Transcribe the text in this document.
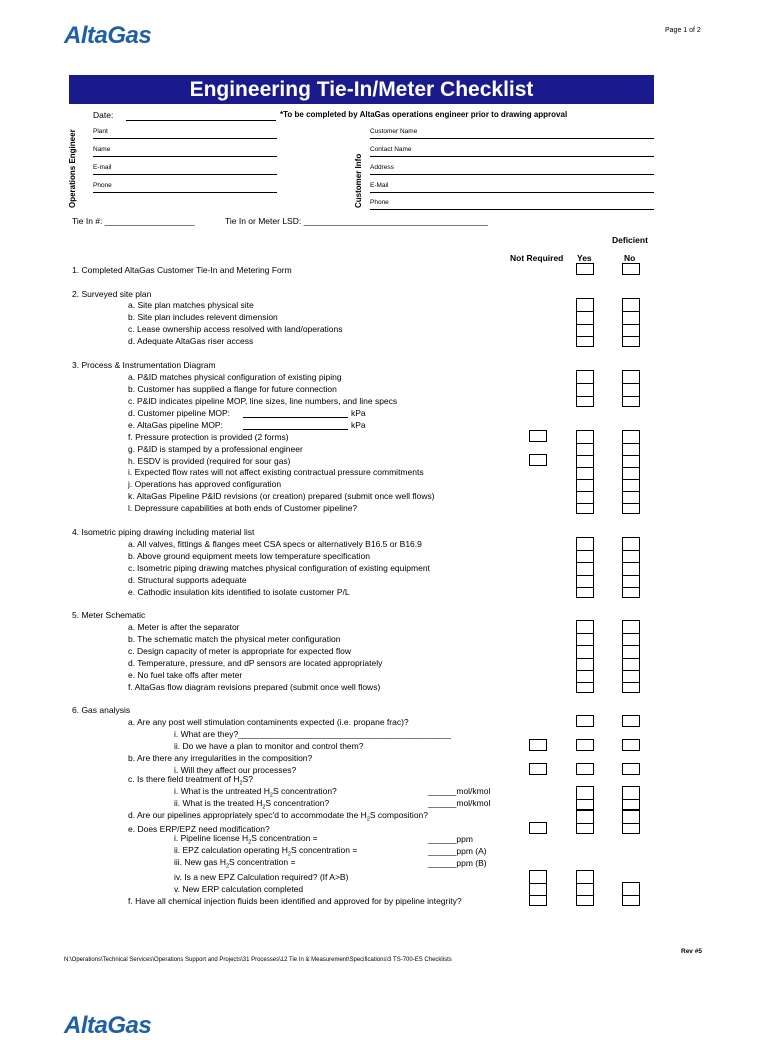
AltaGas	Page 1 of 2
Engineering Tie-In/Meter Checklist
Operations Engineer
Date:	*To be completed by AltaGas operations engineer prior to drawing approval
Plant
Name
E-mail
Phone	Customer Info
Customer Name
Contact Name
Address
E-Mail
Phone
Tie In #: ___________________	Tie In or Meter LSD: _______________________________________
Deficient
Not Required Yes	No
1. Completed AltaGas Customer Tie-In and Metering Form
2. Surveyed site plan
a. Site plan matches physical site
b. Site plan includes relevent dimension
c. Lease ownership access resolved with land/operations
d. Adequate AltaGas riser access
3. Process & Instrumentation Diagram
a. P&ID matches physical configuration of existing piping
b. Customer has supplied a flange for future connection
c. P&ID indicates pipeline MOP, line sizes, line numbers, and line specs
d. Customer pipeline MOP:	kPa
e. AltaGas pipeline MOP:	kPa
f. Pressure protection is provided (2 forms)
g. P&ID is stamped by a professional engineer
h. ESDV is provided (required for sour gas)
i. Expected flow rates will not affect existing contractual pressure commitments
j. Operations has approved configuration
k. AltaGas Pipeline P&ID revisions (or creation) prepared (submit once well flows)
l. Depressure capabilities at both ends of Customer pipeline?
4. Isometric piping drawing including material list
a. All valves, fittings & flanges meet CSA specs or alternatively B16.5 or B16.9
b. Above ground equipment meets low temperature specification
c. Isometric piping drawing matches physical configuration of existing equipment
d. Structural supports adequate
e. Cathodic insulation kits identified to isolate customer P/L
5. Meter Schematic
a. Meter is after the separator
b. The schematic match the physical meter configuration
c. Design capacity of meter is appropriate for expected flow
d. Temperature, pressure, and dP sensors are located appropriately
e. No fuel take offs after meter
f. AltaGas flow diagram revisions prepared (submit once well flows)
6. Gas analysis
a. Are any post well stimulation contaminents expected (i.e. propane frac)?
i. What are they?_____________________________________________
ii. Do we have a plan to monitor and control them?
b. Are there any irregularities in the composition?
i. Will they affect our processes?
c. Is there field treatment of $H_2S$?
i. What is the untreated $H_2S$ concentration?	______mol/kmol
ii. What is the treated $H_2S$ concentration?	______mol/kmol
d. Are our pipelines appropriately spec'd to accommodate the $H_2S$ composition?
e. Does ERP/EPZ need modification?
i. Pipeline license $H_2S$ concentration =	______ppm
ii. EPZ calculation operating $H_2S$ concentration =	______ppm (A)
iii. New gas $H_2S$ concentration =	______ppm (B)
iv. Is a new EPZ Calculation required? (If A>B)
v. New ERP calculation completed
f. Have all chemical injection fluids been identified and approved for by pipeline integrity?
Rev #5
N:\Operations\Technical Services\Operations Support and Projects\31 Processes\12 Tie In & Measurement\Specifications\3 TS-700-ES Checklists
AltaGas
